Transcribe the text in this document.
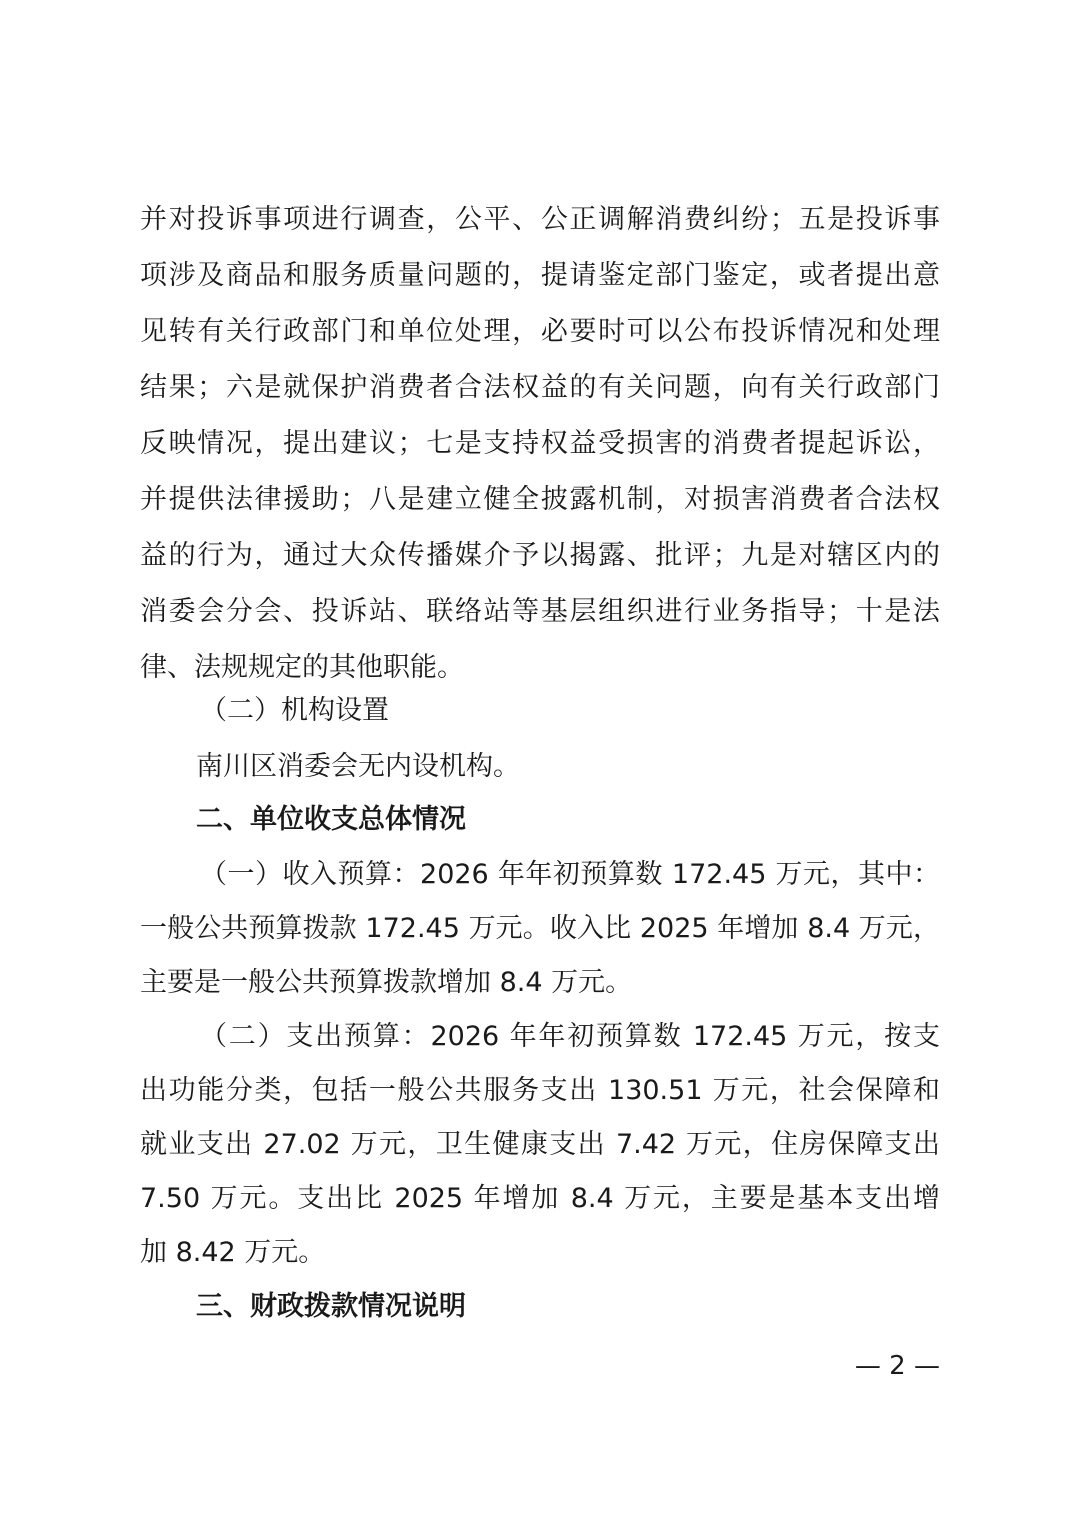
并对投诉事项进行调查，公平、公正调解消费纠纷；五是投诉事
项涉及商品和服务质量问题的，提请鉴定部门鉴定，或者提出意
见转有关行政部门和单位处理，必要时可以公布投诉情况和处理
结果；六是就保护消费者合法权益的有关问题，向有关行政部门
反映情况，提出建议；七是支持权益受损害的消费者提起诉讼，
并提供法律援助；八是建立健全披露机制，对损害消费者合法权
益的行为，通过大众传播媒介予以揭露、批评；九是对辖区内的
消委会分会、投诉站、联络站等基层组织进行业务指导；十是法
律、法规规定的其他职能。
（二）机构设置
南川区消委会无内设机构。
二、单位收支总体情况
（一）收入预算：2026 年年初预算数 172.45 万元，其中：
一般公共预算拨款 172.45 万元。收入比 2025 年增加 8.4 万元，
主要是一般公共预算拨款增加 8.4 万元。
（二）支出预算：2026 年年初预算数 172.45 万元，按支
出功能分类，包括一般公共服务支出 130.51 万元，社会保障和
就业支出 27.02 万元，卫生健康支出 7.42 万元，住房保障支出
7.50 万元。支出比 2025 年增加 8.4 万元，主要是基本支出增
加 8.42 万元。
三、财政拨款情况说明
— 2 —
